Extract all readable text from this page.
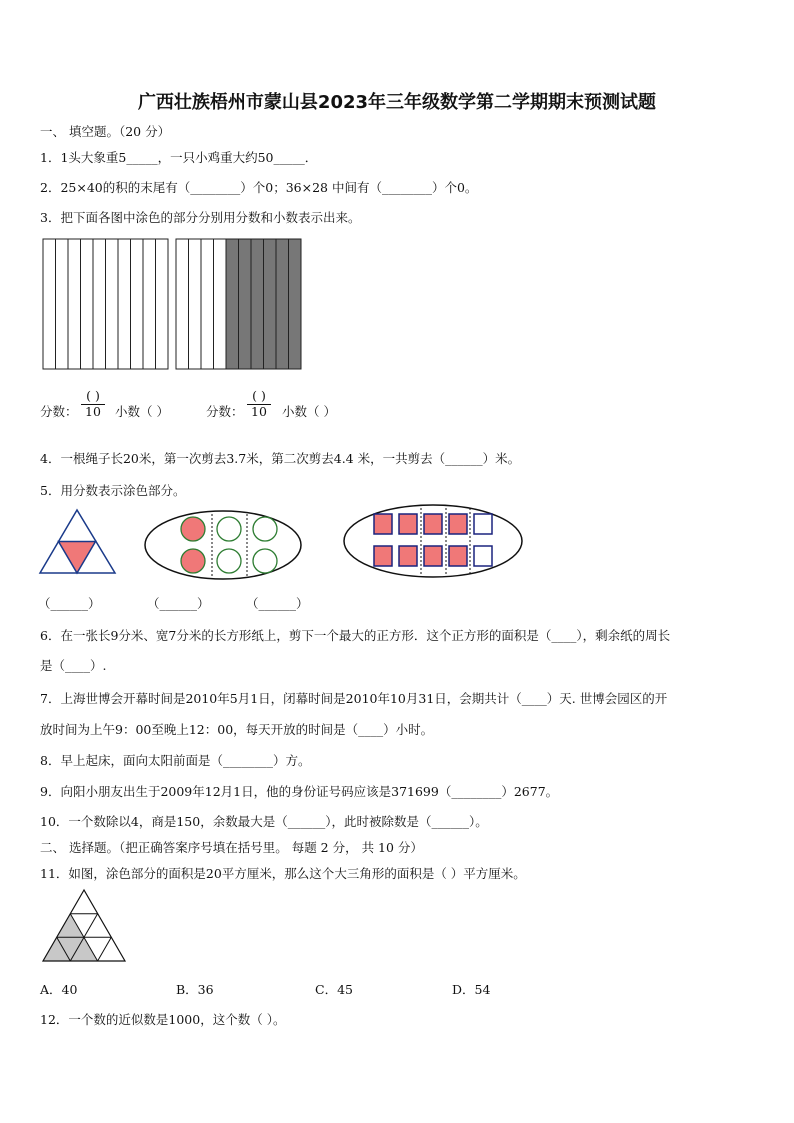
广西壮族梧州市蒙山县2023年三年级数学第二学期期末预测试题
一、 填空题。（20 分）
1．1头大象重5_____，一只小鸡重大约50_____．
2．25×40的积的末尾有（________）个0；36×28 中间有（________）个0。
3．把下面各图中涂色的部分分别用分数和小数表示出来。
分数：
( )
10	小数（ ）	分数：
( )
10	小数（ ）
4．一根绳子长20米，第一次剪去3.7米，第二次剪去4.4 米，一共剪去（______）米。
5．用分数表示涂色部分。
（______）	（______）	（______）
6．在一张长9分米、宽7分米的长方形纸上，剪下一个最大的正方形．这个正方形的面积是（____），剩余纸的周长
是（____）.
7．上海世博会开幕时间是2010年5月1日，闭幕时间是2010年10月31日，会期共计（____）天. 世博会园区的开
放时间为上午9：00至晚上12：00，每天开放的时间是（____）小时。
8．早上起床，面向太阳前面是（________）方。
9．向阳小朋友出生于2009年12月1日，他的身份证号码应该是371699（________）2677。
10．一个数除以4，商是150，余数最大是（______），此时被除数是（______）。
二、 选择题。（把正确答案序号填在括号里。 每题 2 分， 共 10 分）
11．如图，涂色部分的面积是20平方厘米，那么这个大三角形的面积是（ ）平方厘米。
A．40	B．36	C．45	D．54
12．一个数的近似数是1000，这个数（ ）。
